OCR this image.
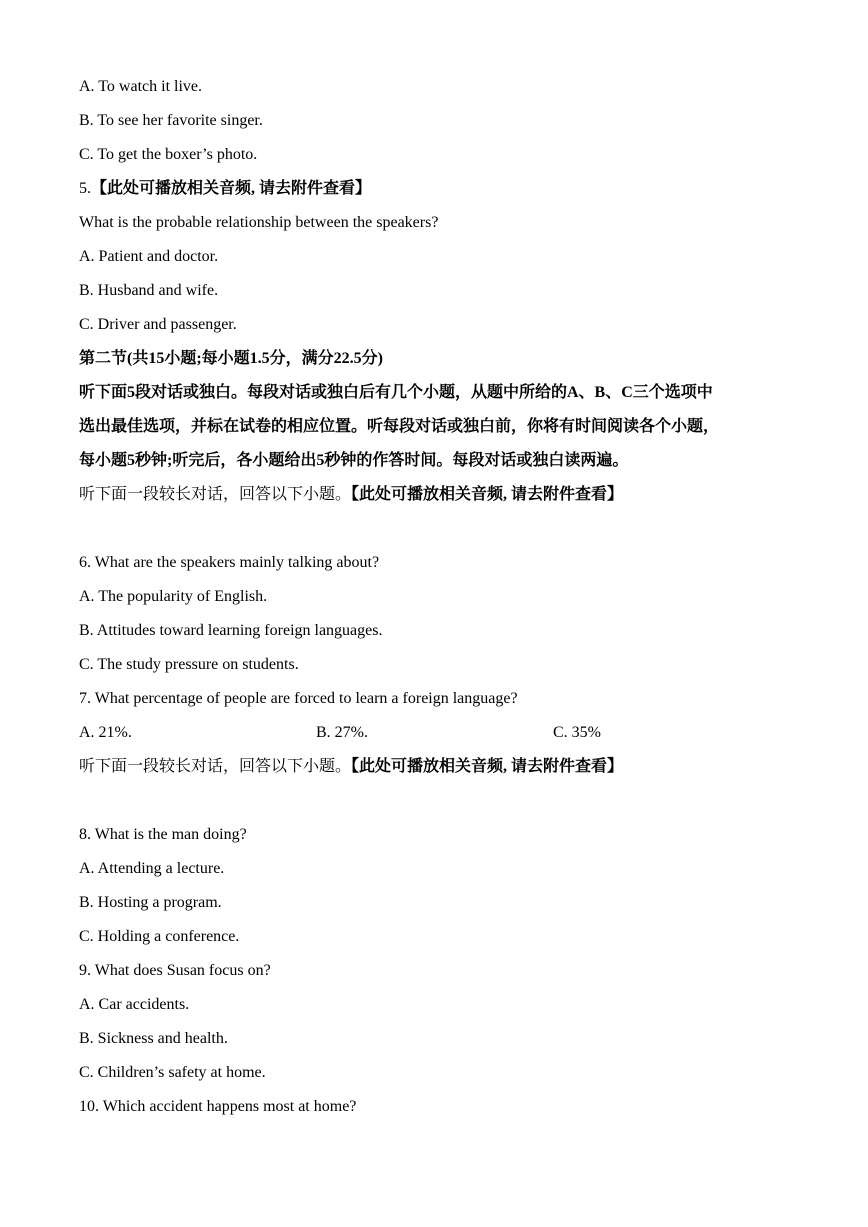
A. To watch it live.
B. To see her favorite singer.
C. To get the boxer’s photo.
5.【此处可播放相关音频, 请去附件查看】
What is the probable relationship between the speakers?
A. Patient and doctor.
B. Husband and wife.
C. Driver and passenger.
第二节(共15小题;每小题1.5分，满分22.5分)
听下面5段对话或独白。每段对话或独白后有几个小题，从题中所给的A、B、C三个选项中
选出最佳选项，并标在试卷的相应位置。听每段对话或独白前，你将有时间阅读各个小题，
每小题5秒钟;听完后，各小题给出5秒钟的作答时间。每段对话或独白读两遍。
听下面一段较长对话，回答以下小题。【此处可播放相关音频, 请去附件查看】
6. What are the speakers mainly talking about?
A. The popularity of English.
B. Attitudes toward learning foreign languages.
C. The study pressure on students.
7. What percentage of people are forced to learn a foreign language?
A. 21%.	B. 27%.	C. 35%
听下面一段较长对话，回答以下小题。【此处可播放相关音频, 请去附件查看】
8. What is the man doing?
A. Attending a lecture.
B. Hosting a program.
C. Holding a conference.
9. What does Susan focus on?
A. Car accidents.
B. Sickness and health.
C. Children’s safety at home.
10. Which accident happens most at home?
